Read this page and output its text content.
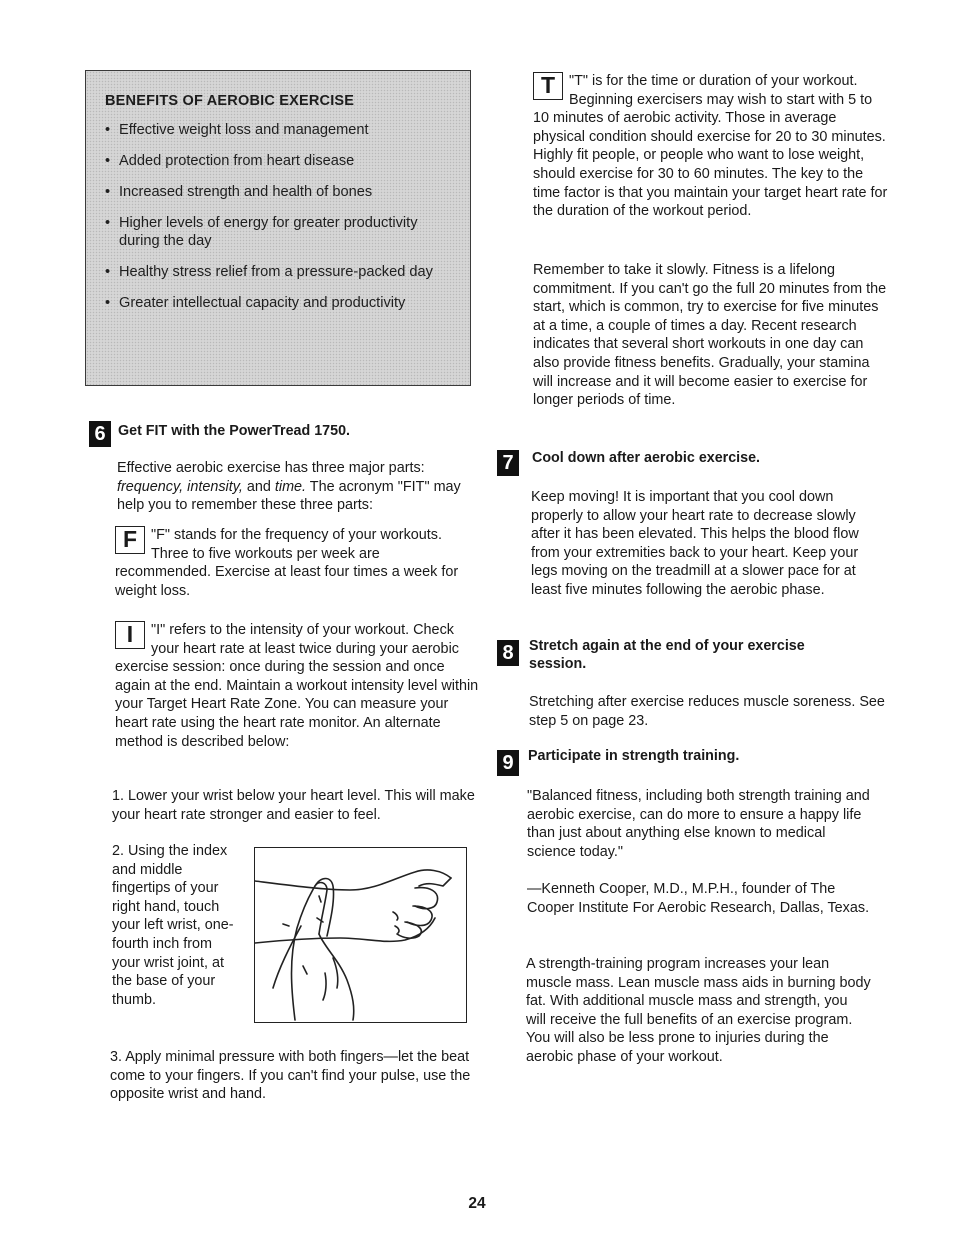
BENEFITS OF AEROBIC EXERCISE
• Effective weight loss and management
• Added protection from heart disease
• Increased strength and health of bones
• Higher levels of energy for greater productivity during the day
• Healthy stress relief from a pressure-packed day
• Greater intellectual capacity and productivity
6 Get FIT with the PowerTread 1750.

Effective aerobic exercise has three major parts: frequency, intensity, and time. The acronym "FIT" may help you to remember these three parts:

F "F" stands for the frequency of your workouts. Three to five workouts per week are recommended. Exercise at least four times a week for weight loss.
I	"I" refers to the intensity of your workout. Check your heart rate at least twice during your aerobic exercise session: once during the session and once again at the end. Maintain a workout intensity level within your Target Heart Rate Zone. You can measure your heart rate using the heart rate monitor. An alternate method is described below:

1. Lower your wrist below your heart level. This will make your heart rate stronger and easier to feel.

2. Using the index and middle fingertips of your right hand, touch your left wrist, one-fourth inch from your wrist joint, at the base of your thumb.

3. Apply minimal pressure with both fingers—let the beat come to your fingers. If you can't find your pulse, use the opposite wrist and hand.

T "T" is for the time or duration of your workout. Beginning exercisers may wish to start with 5 to 10 minutes of aerobic activity. Those in average physical condition should exercise for 20 to 30 minutes. Highly fit people, or people who want to lose weight, should exercise for 30 to 60 minutes. The key to the time factor is that you maintain your target heart rate for the duration of the workout period.

Remember to take it slowly. Fitness is a lifelong commitment. If you can't go the full 20 minutes from the start, which is common, try to exercise for five minutes at a time, a couple of times a day. Recent research indicates that several short workouts in one day can also provide fitness benefits. Gradually, your stamina will increase and it will become easier to exercise for longer periods of time.

7	Cool down after aerobic exercise.

Keep moving! It is important that you cool down properly to allow your heart rate to decrease slowly after it has been elevated. This helps the blood flow from your extremities back to your heart. Keep your legs moving on the treadmill at a slower pace for at least five minutes following the aerobic phase.

8	Stretch again at the end of your exercise session.

Stretching after exercise reduces muscle soreness. See step 5 on page 23.

9	Participate in strength training.

"Balanced fitness, including both strength training and aerobic exercise, can do more to ensure a happy life than just about anything else known to medical science today."

—Kenneth Cooper, M.D., M.P.H., founder of The Cooper Institute For Aerobic Research, Dallas, Texas.

A strength-training program increases your lean muscle mass. Lean muscle mass aids in burning body fat. With additional muscle mass and strength, you will receive the full benefits of an exercise program. You will also be less prone to injuries during the aerobic phase of your workout.

24
